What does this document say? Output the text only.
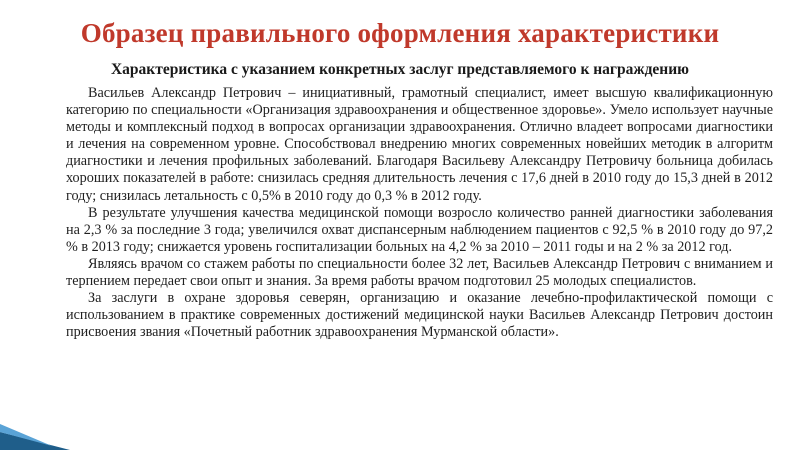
Образец правильного оформления характеристики
Характеристика с указанием конкретных заслуг представляемого к награждению

Васильев Александр Петрович – инициативный, грамотный специалист, имеет высшую квалификационную категорию по специальности «Организация здравоохранения и общественное здоровье». Умело использует научные методы и комплексный подход в вопросах организации здравоохранения. Отлично владеет вопросами диагностики и лечения на современном уровне. Способствовал внедрению многих современных новейших методик в алгоритм диагностики и лечения профильных заболеваний. Благодаря Васильеву Александру Петровичу больница добилась хороших показателей в работе: снизилась средняя длительность лечения с 17,6 дней в 2010 году до 15,3 дней в 2012 году; снизилась летальность с 0,5% в 2010 году до 0,3 % в 2012 году.

В результате улучшения качества медицинской помощи возросло количество ранней диагностики заболевания на 2,3 % за последние 3 года; увеличился охват диспансерным наблюдением пациентов с 92,5 % в 2010 году до 97,2 % в 2013 году; снижается уровень госпитализации больных на 4,2 % за 2010 – 2011 годы и на 2 % за 2012 год.

Являясь врачом со стажем работы по специальности более 32 лет, Васильев Александр Петрович с вниманием и терпением передает свои опыт и знания. За время работы врачом подготовил 25 молодых специалистов.

За заслуги в охране здоровья северян, организацию и оказание лечебно-профилактической помощи с использованием в практике современных достижений медицинской науки Васильев Александр Петрович достоин присвоения звания «Почетный работник здравоохранения Мурманской области».
